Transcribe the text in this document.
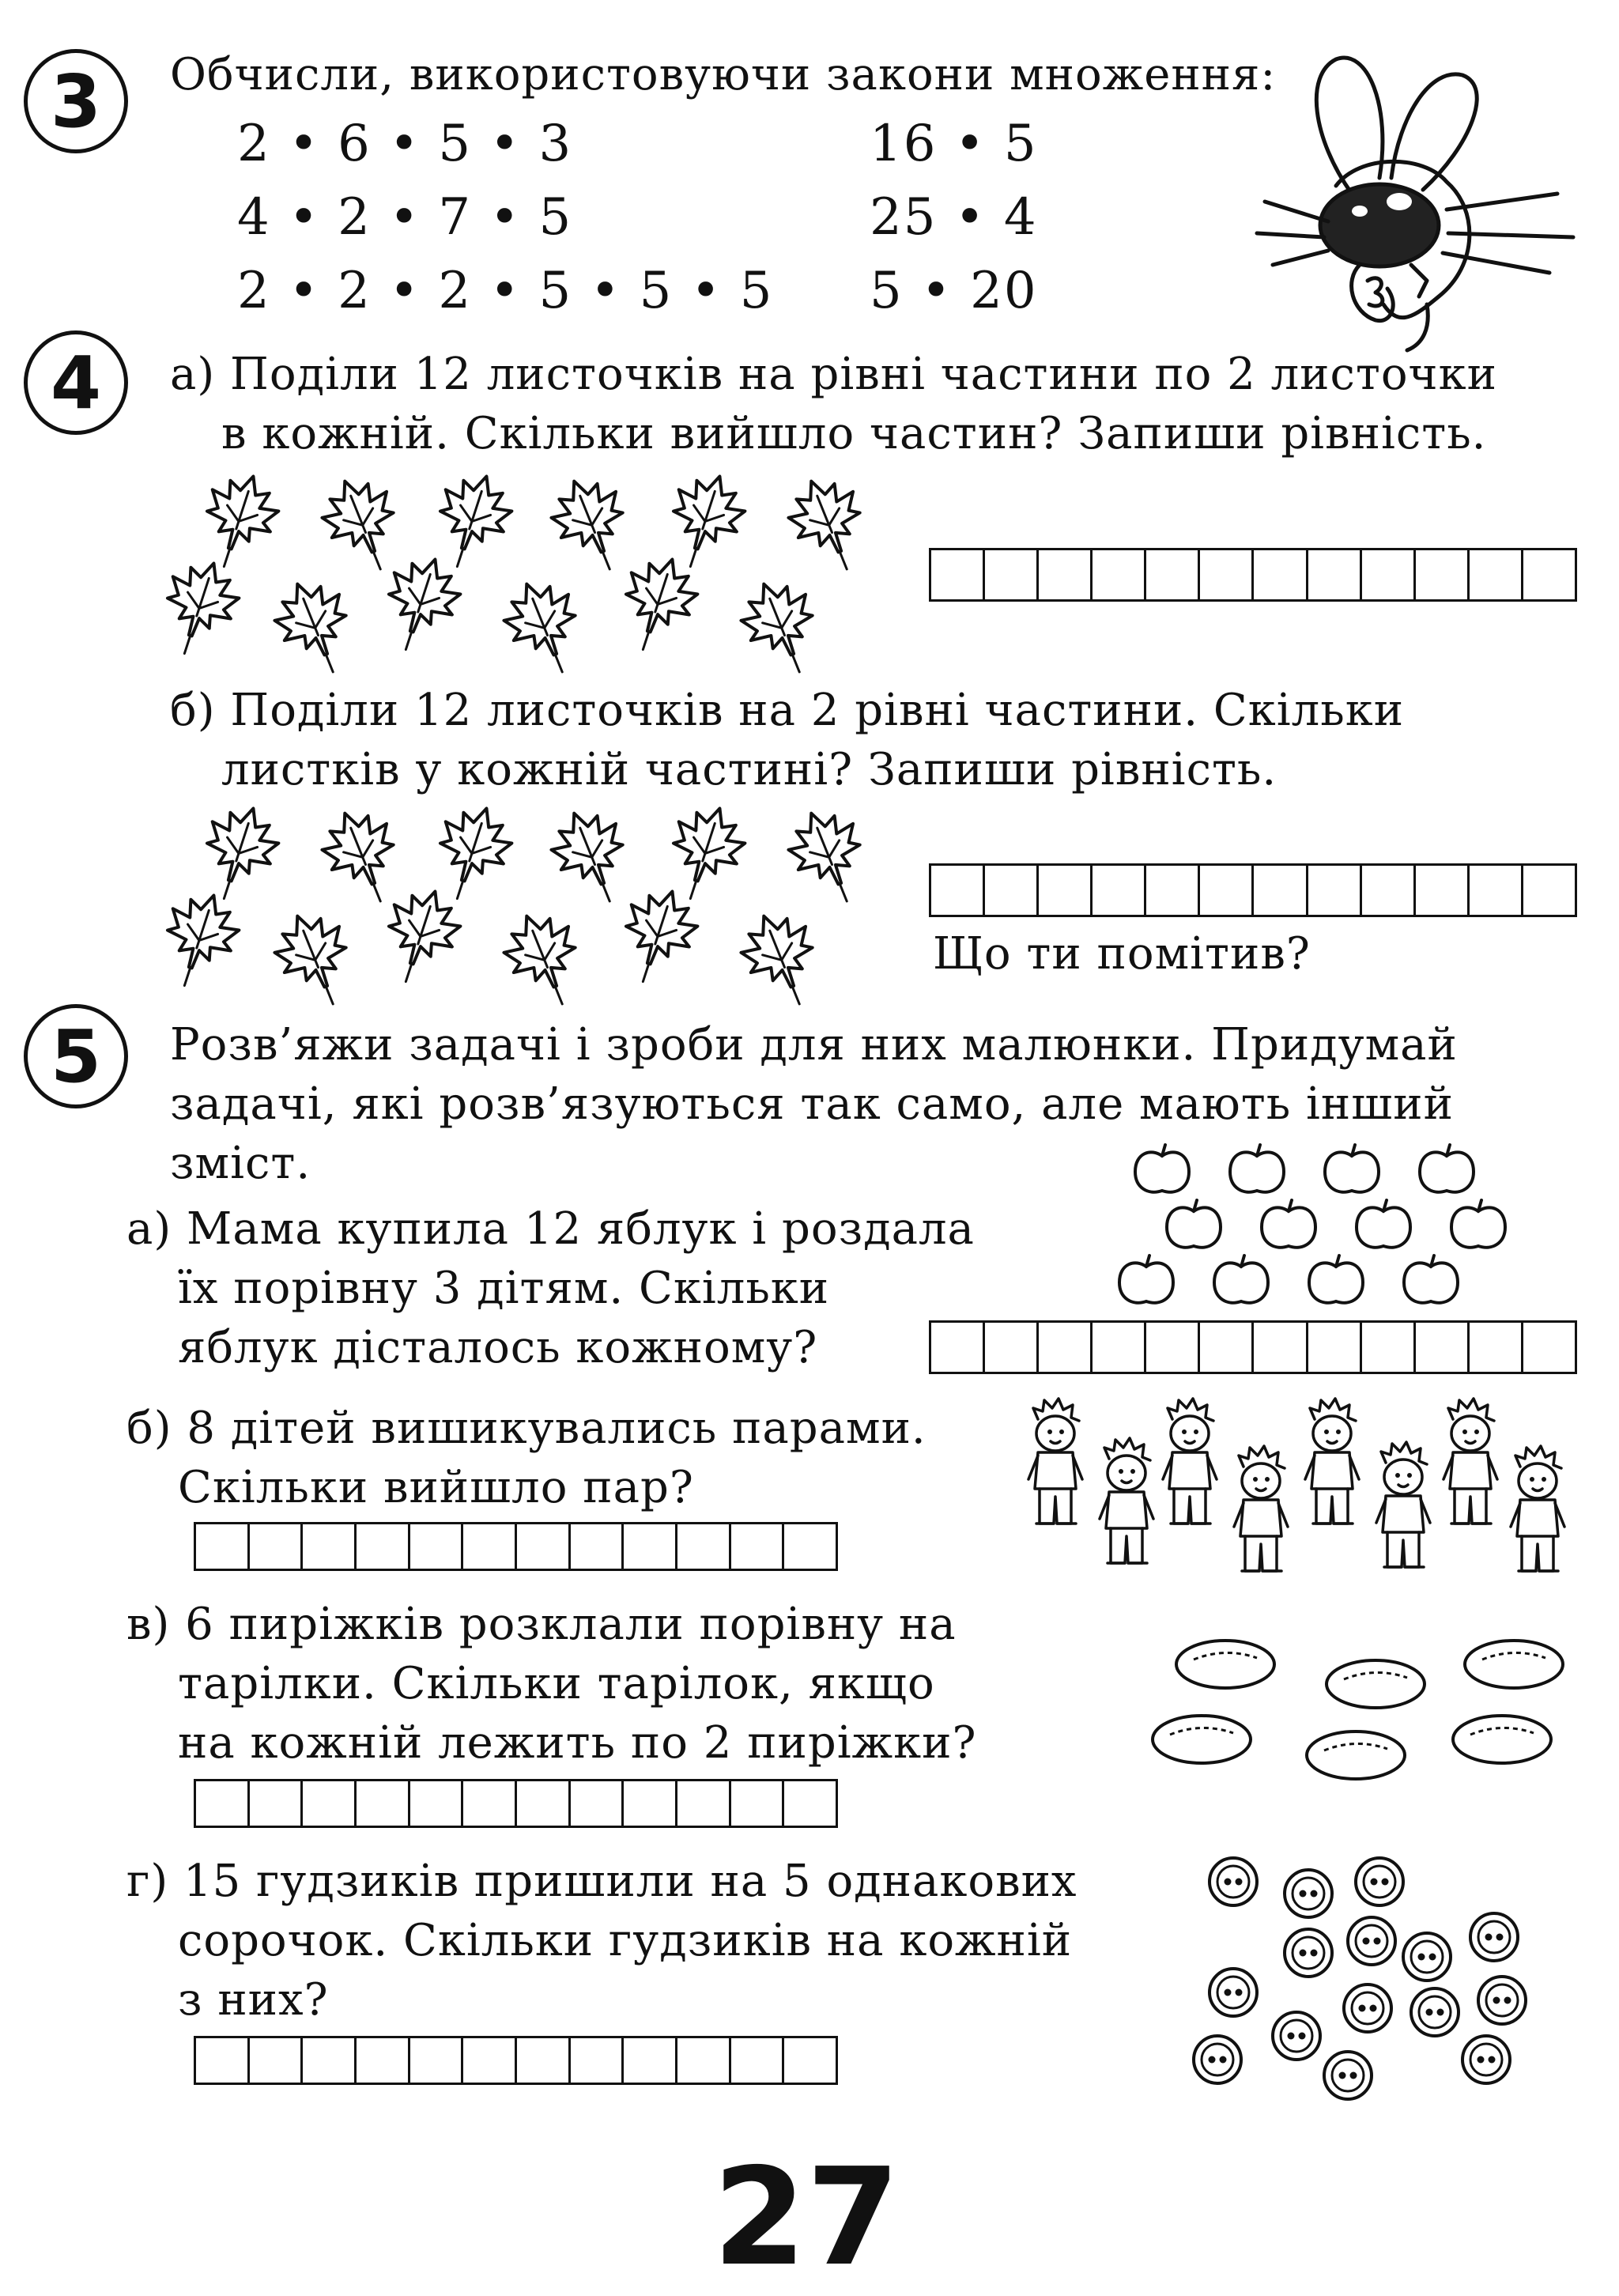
3	Обчисли, використовуючи закони множення:
2 • 6 • 5 • 3
4 • 2 • 7 • 5
2 • 2 • 2 • 5 • 5 • 5
16 • 5
25 • 4
5 • 20
4	а) Поділи 12 листочків на рівні частини по 2 листочки
в кожній. Скільки вийшло частин? Запиши рівність.
б) Поділи 12 листочків на 2 рівні частини. Скільки
листків у кожній частині? Запиши рівність.
Що ти помітив?
5	Розв’яжи задачі і зроби для них малюнки. Придумай
задачі, які розв’язуються так само, але мають інший
зміст.
а) Мама купила 12 яблук і роздала
їх порівну 3 дітям. Скільки
яблук дісталось кожному?
б) 8 дітей вишикувались парами.
Скільки вийшло пар?
в) 6 пиріжків розклали порівну на
тарілки. Скільки тарілок, якщо
на кожній лежить по 2 пиріжки?
г) 15 гудзиків пришили на 5 однакових
сорочок. Скільки гудзиків на кожній
з них?
27
